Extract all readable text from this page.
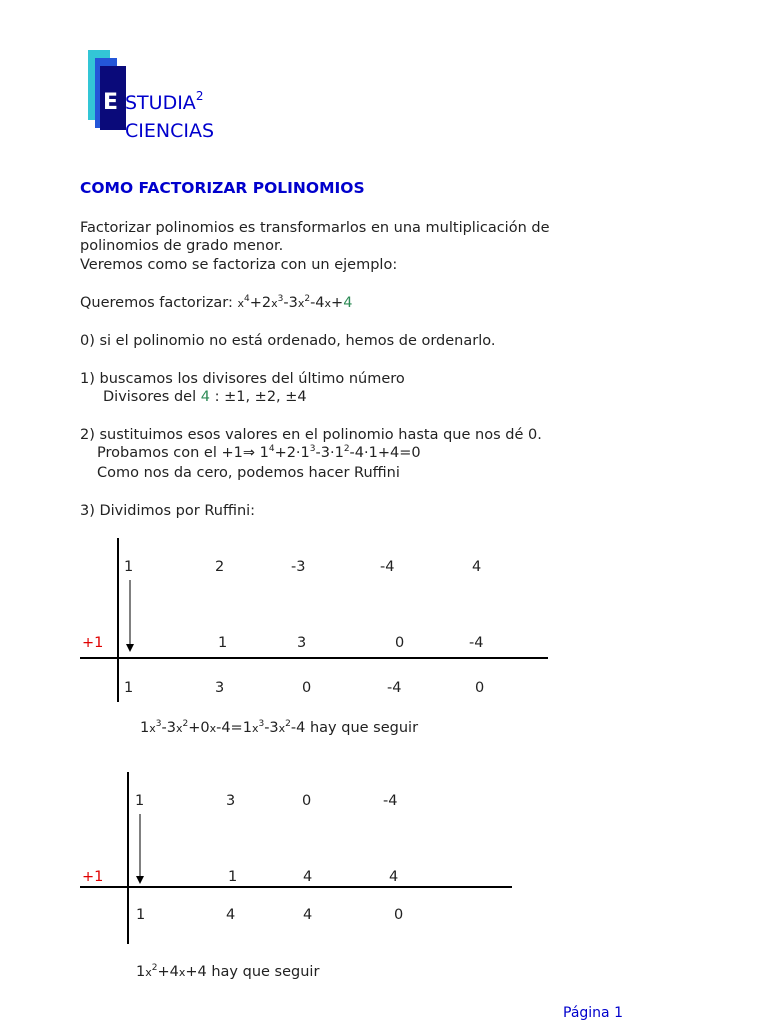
E STUDIA$^2$
CIENCIAS
COMO FACTORIZAR POLINOMIOS
Factorizar polinomios es transformarlos en una multiplicación de
polinomios de grado menor.
Veremos como se factoriza con un ejemplo:
Queremos factorizar: $x^4+2x^3-3x^2-4x+4$
0) si el polinomio no está ordenado, hemos de ordenarlo.
1) buscamos los divisores del último número
Divisores del 4 : ±1, ±2, ±4
2) sustituimos esos valores en el polinomio hasta que nos dé 0.
Probamos con el +1⇒ $1^4+2\cdot 1^3-3\cdot 1^2-4\cdot 1+4=0$
Como nos da cero, podemos hacer Ruffini
3) Dividimos por Ruffini:
1	2	-3	-4	4
+1	1	3	0	-4
1	3	0	-4	0
$1x^3-3x^2+0x-4=1x^3-3x^2-4$ hay que seguir
1	3	0	-4
+1	1	4	4
1	4	4	0
$1x^2+4x+4$ hay que seguir
Página 1
